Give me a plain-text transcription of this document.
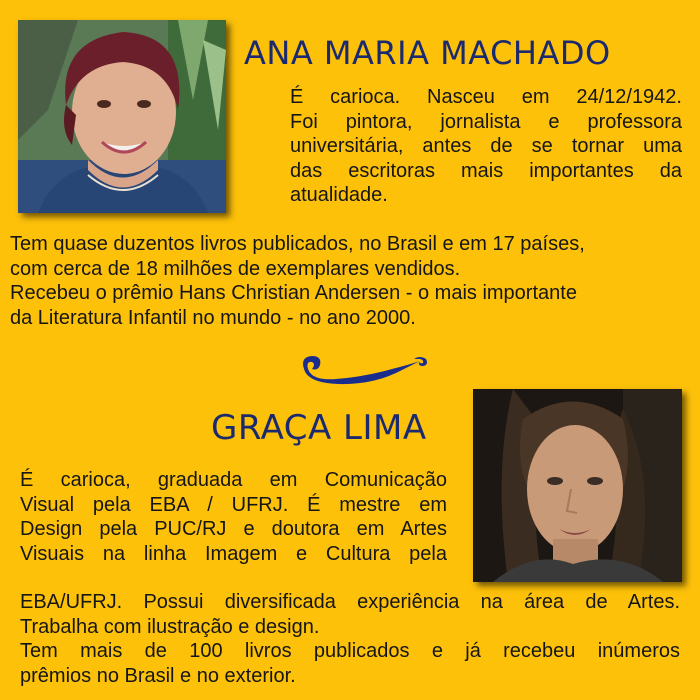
ANA MARIA MACHADO
É carioca. Nasceu em 24/12/1942.
Foi pintora, jornalista e professora
universitária, antes de se tornar uma
das escritoras mais importantes da
atualidade.
Tem quase duzentos livros publicados, no Brasil e em 17 países,
com cerca de 18 milhões de exemplares vendidos.
Recebeu o prêmio Hans Christian Andersen - o mais importante
da Literatura Infantil no mundo - no ano 2000.
GRAÇA LIMA
É carioca, graduada em Comunicação
Visual pela EBA / UFRJ. É mestre em
Design pela PUC/RJ e doutora em Artes
Visuais na linha Imagem e Cultura pela
EBA/UFRJ. Possui diversificada experiência na área de Artes.
Trabalha com ilustração e design.
Tem mais de 100 livros publicados e já recebeu inúmeros
prêmios no Brasil e no exterior.
